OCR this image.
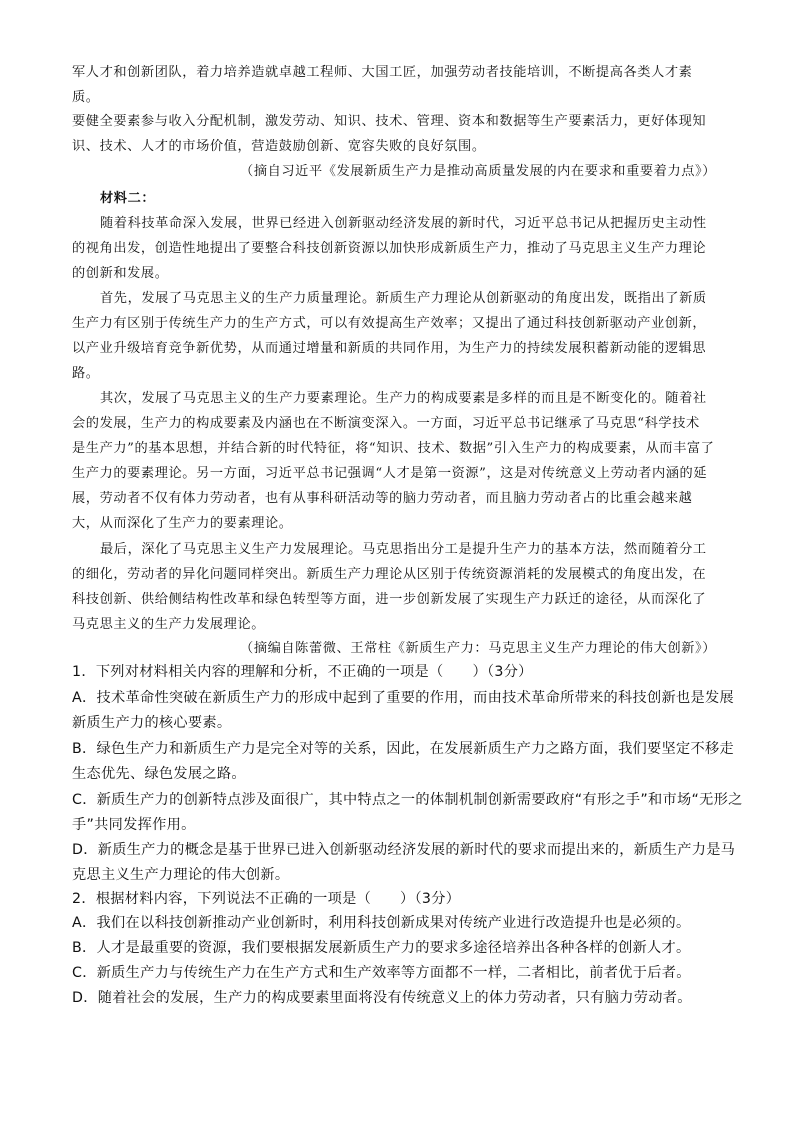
军人才和创新团队，着力培养造就卓越工程师、大国工匠，加强劳动者技能培训，不断提高各类人才素
质。
要健全要素参与收入分配机制，激发劳动、知识、技术、管理、资本和数据等生产要素活力，更好体现知
识、技术、人才的市场价值，营造鼓励创新、宽容失败的良好氛围。
（摘自习近平《发展新质生产力是推动高质量发展的内在要求和重要着力点》）
材料二：
随着科技革命深入发展，世界已经进入创新驱动经济发展的新时代，习近平总书记从把握历史主动性
的视角出发，创造性地提出了要整合科技创新资源以加快形成新质生产力，推动了马克思主义生产力理论
的创新和发展。
首先，发展了马克思主义的生产力质量理论。新质生产力理论从创新驱动的角度出发，既指出了新质
生产力有区别于传统生产力的生产方式，可以有效提高生产效率；又提出了通过科技创新驱动产业创新，
以产业升级培育竞争新优势，从而通过增量和新质的共同作用，为生产力的持续发展积蓄新动能的逻辑思
路。
其次，发展了马克思主义的生产力要素理论。生产力的构成要素是多样的而且是不断变化的。随着社
会的发展，生产力的构成要素及内涵也在不断演变深入。一方面，习近平总书记继承了马克思“科学技术
是生产力”的基本思想，并结合新的时代特征，将“知识、技术、数据”引入生产力的构成要素，从而丰富了
生产力的要素理论。另一方面，习近平总书记强调“人才是第一资源”，这是对传统意义上劳动者内涵的延
展，劳动者不仅有体力劳动者，也有从事科研活动等的脑力劳动者，而且脑力劳动者占的比重会越来越
大，从而深化了生产力的要素理论。
最后，深化了马克思主义生产力发展理论。马克思指出分工是提升生产力的基本方法，然而随着分工
的细化，劳动者的异化问题同样突出。新质生产力理论从区别于传统资源消耗的发展模式的角度出发，在
科技创新、供给侧结构性改革和绿色转型等方面，进一步创新发展了实现生产力跃迁的途径，从而深化了
马克思主义的生产力发展理论。
（摘编自陈蕾微、王常柱《新质生产力：马克思主义生产力理论的伟大创新》）
1．下列对材料相关内容的理解和分析，不正确的一项是（　　）（3分）
A．技术革命性突破在新质生产力的形成中起到了重要的作用，而由技术革命所带来的科技创新也是发展
新质生产力的核心要素。
B．绿色生产力和新质生产力是完全对等的关系，因此，在发展新质生产力之路方面，我们要坚定不移走
生态优先、绿色发展之路。
C．新质生产力的创新特点涉及面很广，其中特点之一的体制机制创新需要政府“有形之手”和市场“无形之
手”共同发挥作用。
D．新质生产力的概念是基于世界已进入创新驱动经济发展的新时代的要求而提出来的，新质生产力是马
克思主义生产力理论的伟大创新。
2．根据材料内容，下列说法不正确的一项是（　　）（3分）
A．我们在以科技创新推动产业创新时，利用科技创新成果对传统产业进行改造提升也是必须的。
B．人才是最重要的资源，我们要根据发展新质生产力的要求多途径培养出各种各样的创新人才。
C．新质生产力与传统生产力在生产方式和生产效率等方面都不一样，二者相比，前者优于后者。
D．随着社会的发展，生产力的构成要素里面将没有传统意义上的体力劳动者，只有脑力劳动者。
